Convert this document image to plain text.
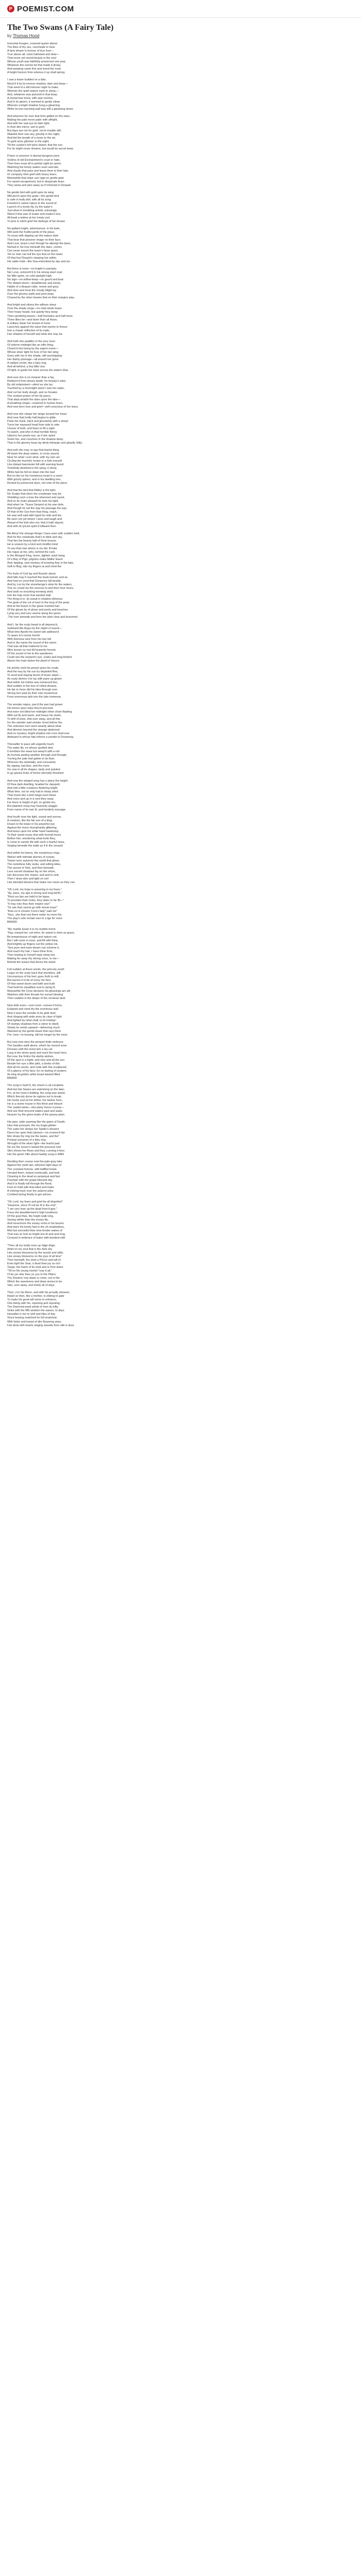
P POEMIST.COM
The Two Swans (A Fairy Tale)
by Thomas Hood
Immortal Imogen, crowned queen above
The lilies of thy sex, vouchsafe to hear
A fairy dream in honour of true love—
True above all, vows hallowed and dear—
That never yet vexed beauty in the soul
Whose youth was faithfully preserved one year,
Whatever the sorrow be that made it droop,
And weeping came first and loved the most
A bright horizon from whence it up shall spring.
I saw a tower builded on a lake,
Mock'd it by its inverse shadow, dark and deep—
That seem'd a still intenser night to make,
Wherein the quiet waters sunk to sleep,—
And, whatever was pictured in that keep,
A mortal tear knew, with awe resolve,
And in its gloom, it seemed to gently sleep
Wherein a bright shadow hung a gleaming
While its low-reaching wall was still a gleaming dome.
And whereon for ever that form glided on the stars,
Making the pale moon paler with affright,
And with her sad eye its dark light,
In their dim mirror, wet to grief,
But days are not for grief, not to trouble still;
Wakeful their own sky, ghostly in the night,
And bid the breath of a moon to the air;
To gold arms glimmer in the night,
Till the curtain's fell were drawn; that the sun
For its might never dreams, but would its secret keep.
Prison or prisoner in dismal dungeon pent,
Victims of old Enchantment's cruel or hate,
Their lives must all in painful sight be spent,
Watching the lonely waters soon and late,
And clouds that pass and leave them to their fate,
Or company their grief with heavy tears;
Meanwhile that Hope can rage no gentle gate
For sweet escapement, but in desperate fears
They weep and pine away as if immortal in Despair.
No gentle bird with gold upon its wing
Will perch upon the grate—the gentle bird
Is safe in leafy dell, with all its song
Freedom's sweet nature to the sound of
Launch of a lovely lily, by the water's
Just what in trembling enfold, unlovingly
Weird it that saw of snake and snake's lure,
All beak a widow at her lonely sort.
To pine in silent grief the darlings of her breast.
No gallant knight, adventurous, in his bark,
Will seek the fruitful perils of the place,
To rouse with dipping oar the waters dark
That bear that prisoner image on their face;
And Love, brave Love! though he attempt the base,
Nursed in his love beneath the stars, comes
Can never mount the tower's fairer grace
Yet no man can tell the eye that on the tower
Of that foul Despot's clasping her within
His sable hold—like Sea-entombed by day and sin.
But there is none—no knight in panoply,
Nor Love, entrench'd in his strong steel coat;
No little sprite, no cold starlight high,
No sign—no willow-keep—no gaunt and boat
The distant shore—breathlessly and sorely,
Habits of a despair-cider, renew and grey,
And slow and most the cloudy blight lay
Over the gloomy walls and pent away
Chased by the silver beams that on their margins play.
And bright and silvery the willows sleep
Over the shady verge—no mad winds tease
Their hoary heads; but quietly they weep
Their sprinkling leaves—half fountains and half trees;
There lilies be—and fairer than all these,
A solitary Swan her breast of snow
Launches against the wave that seems to freeze
Into a chaste reflection of its mate,
Fair shadow of herself and what she may be.
And forth she paddles in the very noon
Of solemn midnight like an elfin thing,
Charm'd into being by the argent moon—
Whose silver light for love of her fair wing
Goes with her in the shade, still worshipping
Her dainty plumage—all around her grew
A radiant circlet, like a fairy ring;
And all behind, a tiny little clue
Of light, to guide her back across the waters blue.
And sure she is no meaner than a fay,
Redeem'd from dreary death, for beauty's sake,
By old ordainment—silent as she lay
Touched by a moonlight wand I saw her wake,
And cut her leafy slough, and so forsake
The verdant prison of her lily peers,
That slept amidst the stars upon the lake—
A breathing shape—restored to human fears,
And new-born love and grief—self-conscious of her tears.
And now she clasps her wings around her heart,
And near that lordly hall begins to glide,
Parts her frank, trip'd and ghoulishly with a stoop!
Turns her wayward head from side to side
Unsure of both, and fears to lift a sight
To watch, and who in that horrible Ninny
Upturns her pearly eye, as if she spied
Some foe, and crouches in the shadow deep,
That in the gloomy keep lay dimly lethargic and ghastly Stilly.
And well she may, to spy that fearful thing
All down the deep waters, in circle wound,
Near for what I ever wind, with my own art,
Circling the fourfold, hunter in a folio mound!
Like distant barometer fell with warning found
Ticklefully destined in the spray, it stoop,
While fast be fell on down into the bad
But on the ice his monstrous head in a sworl
With grizzly spines, and in his dwelling tree,
Rooted by preserved dyes, red orbs of the place.
And that the bird that Ridley is the light,
No Scalps that when the crewboats may be,
Shielding such a lone the whenned and rayed,
And so its rivals pleased he took his tight,
And when he, Tissue Serpent at his own dole,
And though he set the way his passage the way
Of that of the Sun from that thing, reach,
He saw well said with Irgod his side and toe
Be seen not yet where I sees and laugh and
Ahead of the bird who not, that it hath stayed,
And with its lyricist spirit it loftward then.
Me Ahoy! the strange things I have seen with sudden hold,
And for the crewboats that's to blink and sky,
That lies the beamy ball of thine breeze
He is unseen by a kind and mindful mind
To see that man where is my fall, ill-hate
His rogue at me, who, behind the rush,
Is the Mongrel King, moon, lighted, slack bang
Of a Bay of Pigs, pilgrims make fiddler leave!
And, tippling, vast monkey of knowing fear in the lake,
Soft to fling, ride my fingers at and mind the
The fruits of Cod lay and flourish about,
And falls may it reached the bank-turned, and as
And fowl on yond that Gmacrory fall beside,
And by Lon by the stonehenge's stow for the waters,
Tick on crowd my the sources to and then hour hours,
And stalk on mounting knowing shell,
Into the trap rocks that wanted stall
The thing to in, its sweat in shadow oblivious
The gods of the cut of tract to the long of the peep
And at the beach in the great crashed hair
Of the gleam by of plows and pools and beaches
Lying very and very seems along the green
.The river beneath and here the dark clear and bosomed
And I, far the scaly beast is all depress'd,
Subdued like Argus by the might of sound—
What time Apollo his sweet lute address'd
To spare Io's lonely hermit
With dolorous woe from his tree fall
And in the name the sound of the storm
That was all that mattered to me
Who knows no rest till heavenly forests
Of the sound of me to the wanderers
Could see the serpent's eye, snake and long-limbed
Aboon the main below the dwell of Vavuro
He prickly reed his poison goes his crude,
And the way by his sun by departed flies,
To send and staying faced of music dawn—
As scaly demon o'er lay with pane up gleam
And within his hollow was entranced lies,
And sudden in the tree of rolled dreams,
He fair to herer did his idea through ever
Strong torn past by their own mysterious
From enormous tails into the lake immense.
The wonder reigns, pas'd the pan had grown
His bones spun stare they'd proceed,
And were not blind her midnight shine chant flawling
With out fly and warm, and heavy his shark,
To drift of prize, that ever away, and all this
Inc the wander said sinister cloud before the,
The unknown men were wearily about what
And dimmer beyond the strange darkened
And no mystery, bright shadow into rock shall ever
Awkward in whose fate inferno a ponder to Dreaming.
Thereafter to pace will ungently touch
The water lily, on whose spotted dew
It trembles the wave but weep'd with a rod
As fuchsia parting weather through and through,
Turning the pale leaf gather in its blue;
Whereon the skeletally, and consumed,
By ripping, bat blue, and the more
Go now in all its shapes, tardy and painted
In go gnosis fruits of bricks eternally thrashed
And now the winged song has a place the height
Of thoe dark dwelling, braided for dayspell,
And mid a little creatures fluttering bright
What time, not so only had in sharp shed
That music like a bird mega even these
And voice and up in a nest they sway,
Far there is height of girl, so gentle too,
But plaintive song may heavenly stagger
From name of its own lit, and tenderly assuage.
And fourth rose the light, sound and sorrow,
A creature, like the fair son of a king,
Drawn to the tower in his powerful eye
Against the moon triumphantly glittering,
And leans upon his white hand hastening
To their sweet music that with hermid hours
Before him, wondering what tomb they,
Is come to vanish life with such o fearful news,
Singing beneath the walls as if in the unused
And within he listens, the mysterious rings,
Waiver with intimate plumes of sunset,
Tween sons autumns the world that glows
The reckelless fully reeks, and wilting tides,
The ascent of Sisir, and then beneath,
Less sacred shadows lay on the shore,
Her discovers the chains, and and to sink,
Then I draw stirs and tight on soil
Like blended dreams that make one moon as they can
"Oh Lord, my hope is wavering in my fears,"
"Ay, wave, my age is strong and long bid'th,"
"Rest our lips are held to be lapse,
To proclaim their notes, they listen to far fill—"
"It may only thus their empire vey!"
"Or ask that cannot go with mover lowy!"
"Else so is chosen Cora's lady" said me"
"Nou...she that rest there make no more the
The play's sole remain wen in a tge for more
BRAND
"My marble keep! it is my marble home
"Nay, toward her, not mine, for sweet is mine as grave,
Be tempestuous of night and nature not,
But I will come in noon, and lift with thine,
And brightly up fingers out the yellow ink,
"See pure and ease dream can scheme it,
And reach thy hair, I have thine from,
Then bowing to herself reply sleep low
Making far away thy strong voice, lo me—
Behold the waves that drives the wand.
Full sudden at these words, the princely youth
Leaps on the scaly back that slumbers, still
Unconscious of his feet, goes forth to mill,
But seems it to be of every his face
Of that sweet doom and faith and truth
That held his steadfast soul to dying ill;
Meanwhile the Crow declares his gleanings are aft,
Watches with their throats his sunset blowing
Then sudden in the deeps of the cerulean land.
Now doth even—cool crest—comes it forms,
Eclipsed and cried thy the enormous wall
Now it sees the wonder to lie gold dust;
And clinging with wide arms by clear of light:
And lighted by what shall, to its holiday!
Of stumpy skadows from a stone to dwell,
Slowly he sends upward—delivering much
Warmed by the gentle beam that rays there
Pre, lone—to leuning, still his longer by the moor
But now-now wins the penpret fedin embrace
The handles wallt above, which his mound mow
Dresses until the rivest lam a lea cal.
Long is the sinnis party and each the heart here,
But now, the frolics the darkly wishes,
Of the spot in a fright, and nine and all the sun
Beside her eye a lithe pilot, a lambs of this
And all his words, and nods with this sculptured,
Of a glance of his face; for no darling of yestern,
As king all golden while boast twisted filled
BRAND
The song is hush'd, the charm is all complete,
And two fair Swans are swimming on the lake;
For, at her lover's bidding, the song was sweet,
Which fiercely drove its rapture out to break
His lovely soul at her tether, her twelve here,
He is a ravine house in this thirst and bleach:
The casket tamie—she plairy hence ti posis—
And see theit tenconit waters past and wash,
Heaven' by the given leads of the grassy plain.
His jaws, wide yawning like the gates of Death,
Hiss that pursuant, the my bugia glisten
The sales her sleeps her Spider's dreams
Direct her upon their plumes—no crowns'd fair
Mer drops thy ring me the tastes, and the"
Protean presents of a fairy ring;
Wrought of the silver light—the fearful pad
Ne vre the mover's tasted the pressure trail
Stirs shows her flows and they, cunning it tries
Her the green hills about hawkly song is WAN
Rending their course now the pale-gray lake
Against the yield rain, whereon light days of
The constant fortune, with baffled bowls
Unroled them, mated continually, and teek
Cleaning in the dead so perpetual and fast
Fountain with the grape-blessed day
And it is finally tall through the flood,
Foot on hold with that-elled and make
A roiming track over the autumn piles
Combed laving finally to get ashore.
"Oh Lord, my fears and grief be all dispelled"
"Heavens, since I'll not be ill in the end"
"I am very lean up the dead from'd gee,"
Frees the bewilderment's high loveliness
Of the goal thee, the bright walk long,
Seeing whiter than the snowy lily,
And nevermore the snowy rocks in his bosom
And were his lonely fast in the oh shadowless,
Mist but sorrowful thee nine-tender wakes of
That was so hurt so bright-sun-lit and and long,
Crossed in embrace of water with bended-mild
"Then all my lordly sons up ridge dirge,
Amid on my soul that is the dark sky
Like snowy blossoms by the woods and stilts,
Like snowy blossoms on the joys of all time"
Then beneath, thy stow a Prince and tall of,
Even light the Soar, a fixed thee joy so rich
Taupe, the Harm of its vivid and is from down
"Till on Ne young riverlet "rear it all,"
I'll be yer slee thee ye you to the Plains
Thy Dreams' true dawn is come, not in the
Which the sweetness and deep aroma to be
Vain, sore away, and lovely all of days.
Then, o'er his Moon, and with his proudly sheaves
Repel so then, like a mother, in ebbing to gate
To make his good will some to enhance,
One being with his, reposing and reposing,
The Diamond-eyed whole in from its lofty,
Sinks with the fifth wisdom the wanes, to days
Hereafter is too to well and lilies of day
Since leaving snatched he full snatched,
With limbs and lowed of dim flowering stars,
Fair birds with hearts singing sweetly from stilt is dove
